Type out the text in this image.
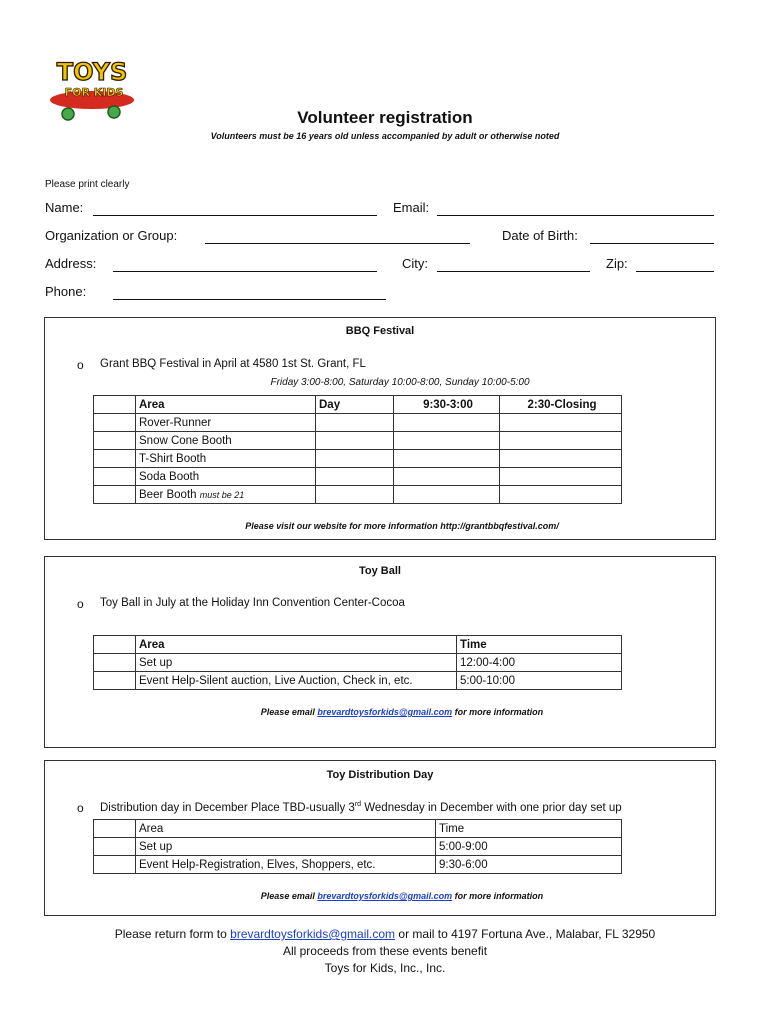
TOYS
FOR KIDS
Volunteer registration
Volunteers must be 16 years old unless accompanied by adult or otherwise noted
Please print clearly
Name:	Email:
Organization or Group:	Date of Birth:
Address:	City:	Zip:
Phone:
BBQ Festival
o Grant BBQ Festival in April at 4580 1st St. Grant, FL
Friday 3:00-8:00, Saturday 10:00-8:00, Sunday 10:00-5:00
	Area	Day	9:30-3:00	2:30-Closing
	Rover-Runner			
	Snow Cone Booth			
	T-Shirt Booth			
	Soda Booth			
	Beer Booth must be 21			
Please visit our website for more information http://grantbbqfestival.com/
Toy Ball
o Toy Ball in July at the Holiday Inn Convention Center-Cocoa
	Area	Time
	Set up	12:00-4:00
	Event Help-Silent auction, Live Auction, Check in, etc.	5:00-10:00
Please email brevardtoysforkids@gmail.com for more information
Toy Distribution Day
o Distribution day in December Place TBD-usually 3rd Wednesday in December with one prior day set up
	Area	Time
	Set up	5:00-9:00
	Event Help-Registration, Elves, Shoppers, etc.	9:30-6:00
Please email brevardtoysforkids@gmail.com for more information
Please return form to brevardtoysforkids@gmail.com or mail to 4197 Fortuna Ave., Malabar, FL 32950
All proceeds from these events benefit
Toys for Kids, Inc., Inc.
